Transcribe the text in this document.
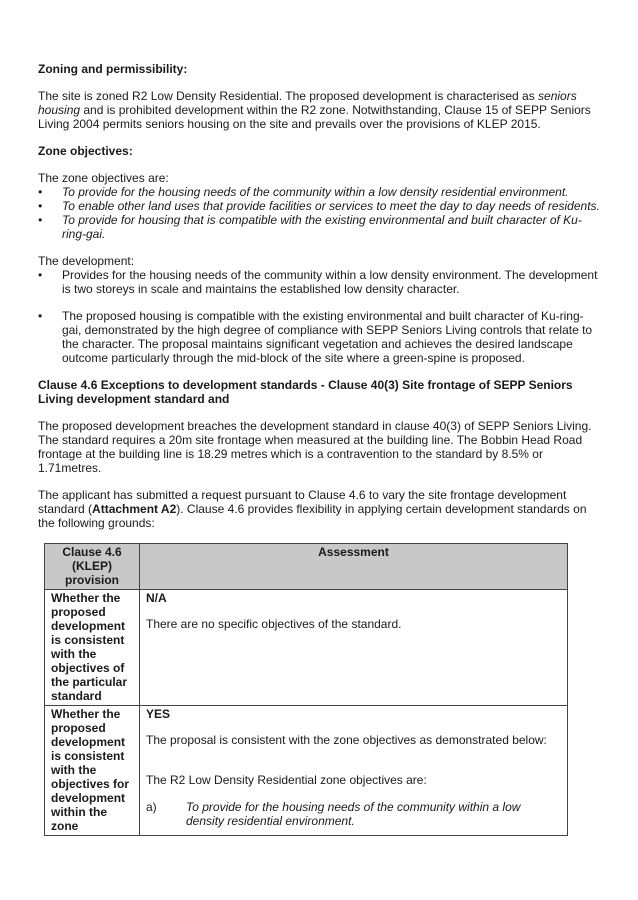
Zoning and permissibility:

The site is zoned R2 Low Density Residential. The proposed development is characterised as seniors housing and is prohibited development within the R2 zone. Notwithstanding, Clause 15 of SEPP Seniors Living 2004 permits seniors housing on the site and prevails over the provisions of KLEP 2015.

Zone objectives:

The zone objectives are:

• To provide for the housing needs of the community within a low density residential environment.
• To enable other land uses that provide facilities or services to meet the day to day needs of residents.
• To provide for housing that is compatible with the existing environmental and built character of Ku-ring-gai.

The development:

• Provides for the housing needs of the community within a low density environment. The development is two storeys in scale and maintains the established low density character.
• The proposed housing is compatible with the existing environmental and built character of Ku-ring-gai, demonstrated by the high degree of compliance with SEPP Seniors Living controls that relate to the character. The proposal maintains significant vegetation and achieves the desired landscape outcome particularly through the mid-block of the site where a green-spine is proposed.

Clause 4.6 Exceptions to development standards - Clause 40(3) Site frontage of SEPP Seniors Living development standard and

The proposed development breaches the development standard in clause 40(3) of SEPP Seniors Living. The standard requires a 20m site frontage when measured at the building line. The Bobbin Head Road frontage at the building line is 18.29 metres which is a contravention to the standard by 8.5% or 1.71metres.

The applicant has submitted a request pursuant to Clause 4.6 to vary the site frontage development standard (Attachment A2). Clause 4.6 provides flexibility in applying certain development standards on the following grounds:

Clause 4.6 (KLEP) provision	Assessment
Whether the proposed development is consistent with the objectives of the particular standard	N/A
There are no specific objectives of the standard.

Whether the proposed development is consistent with the objectives for development within the zone	YES
The proposal is consistent with the zone objectives as demonstrated below:
The R2 Low Density Residential zone objectives are:
a) To provide for the housing needs of the community within a low density residential environment.
